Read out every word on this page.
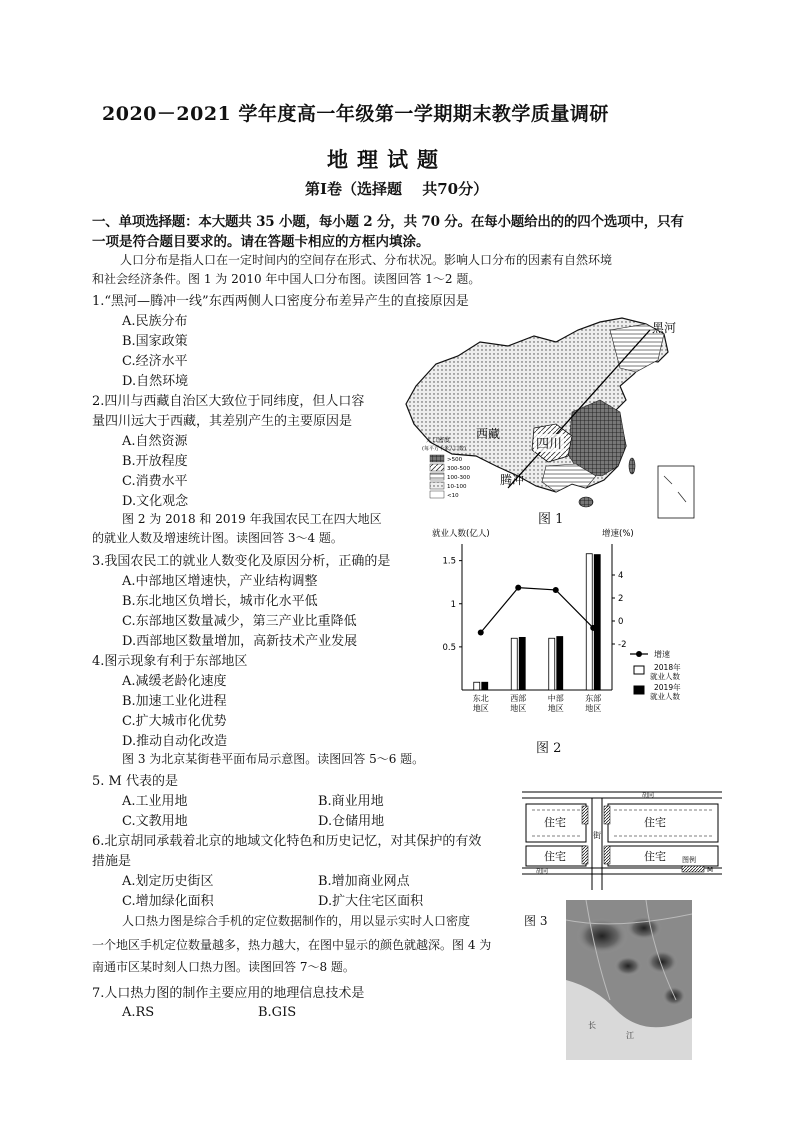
2020－2021 学年度高一年级第一学期期末教学质量调研
地理试题
第Ⅰ卷（选择题　 共70分）
一、单项选择题：本大题共 35 小题，每小题 2 分，共 70 分。在每小题给出的的四个选项中，只有
一项是符合题目要求的。请在答题卡相应的方框内填涂。
人口分布是指人口在一定时间内的空间存在形式、分布状况。影响人口分布的因素有自然环境
和社会经济条件。图 1 为 2010 年中国人口分布图。读图回答 1～2 题。
1.“黑河—腾冲一线”东西两侧人口密度分布差异产生的直接原因是
A.民族分布
B.国家政策
C.经济水平
D.自然环境
2.四川与西藏自治区大致位于同纬度，但人口容
量四川远大于西藏，其差别产生的主要原因是
A.自然资源
B.开放程度
C.消费水平
D.文化观念
图 2 为 2018 和 2019 年我国农民工在四大地区
的就业人数及增速统计图。读图回答 3～4 题。
3.我国农民工的就业人数变化及原因分析，正确的是
A.中部地区增速快，产业结构调整
B.东北地区负增长，城市化水平低
C.东部地区数量减少，第三产业比重降低
D.西部地区数量增加，高新技术产业发展
4.图示现象有利于东部地区
A.减缓老龄化速度
B.加速工业化进程
C.扩大城市化优势
D.推动自动化改造
图 3 为北京某街巷平面布局示意图。读图回答 5～6 题。
5. M 代表的是
A.工业用地	B.商业用地
C.文教用地	D.仓储用地
6.北京胡同承载着北京的地域文化特色和历史记忆，对其保护的有效
措施是
A.划定历史街区	B.增加商业网点
C.增加绿化面积	D.扩大住宅区面积
人口热力图是综合手机的定位数据制作的，用以显示实时人口密度	图 3
一个地区手机定位数量越多，热力越大，在图中显示的颜色就越深。图 4 为
南通市区某时刻人口热力图。读图回答 7～8 题。
7.人口热力图的制作主要应用的地理信息技术是
A.RS	B.GIS
黑河
西藏
四川
腾冲
人口密度
(每平方千米人口数)
>500
300-500
100-300
10-100
<10
图 1
就业人数(亿人)	增速(%)
0.5
1
1.5
-2
0
2
4
东北
地区
西部
地区
中部
地区
东部
地区
增速
2018年
就业人数
2019年
就业人数
图 2
住宅	住宅
住宅	住宅
胡同
胡同
街
图例
M
长
江
